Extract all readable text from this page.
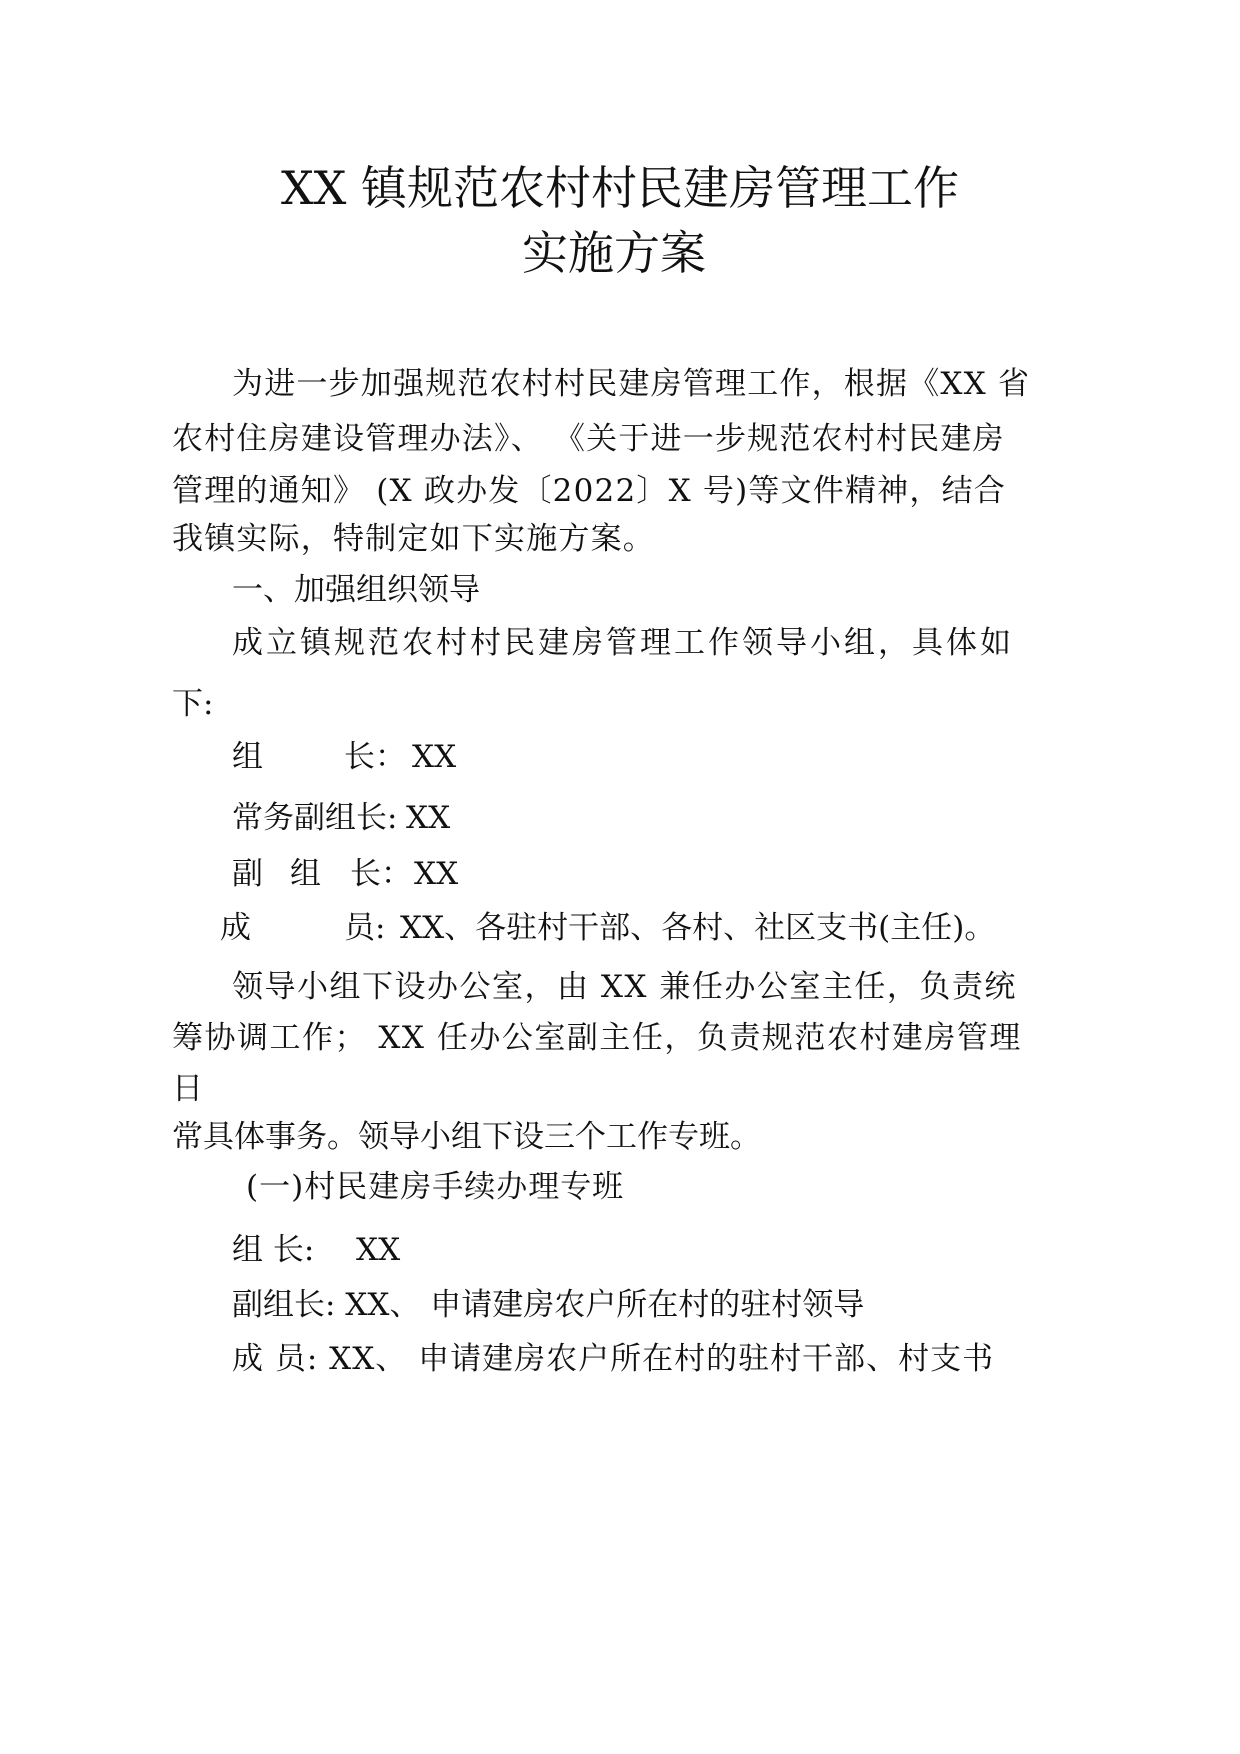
XX 镇规范农村村民建房管理工作
实施方案
为进一步加强规范农村村民建房管理工作，根据《XX 省
农村住房建设管理办法》、 《关于进一步规范农村村民建房
管理的通知》 (X 政办发〔2022〕X 号)等文件精神，结合
我镇实际，特制定如下实施方案。
一、加强组织领导
成立镇规范农村村民建房管理工作领导小组，具体如
下:
组	长： XX
常务副组长: XX
副 组 长： XX
成	员: XX、各驻村干部、各村、社区支书(主任)。
领导小组下设办公室，由 XX 兼任办公室主任，负责统
筹协调工作； XX 任办公室副主任，负责规范农村建房管理
日
常具体事务。领导小组下设三个工作专班。
(一)村民建房手续办理专班
组 长: XX
副组长: XX、 申请建房农户所在村的驻村领导
成 员: XX、 申请建房农户所在村的驻村干部、村支书
